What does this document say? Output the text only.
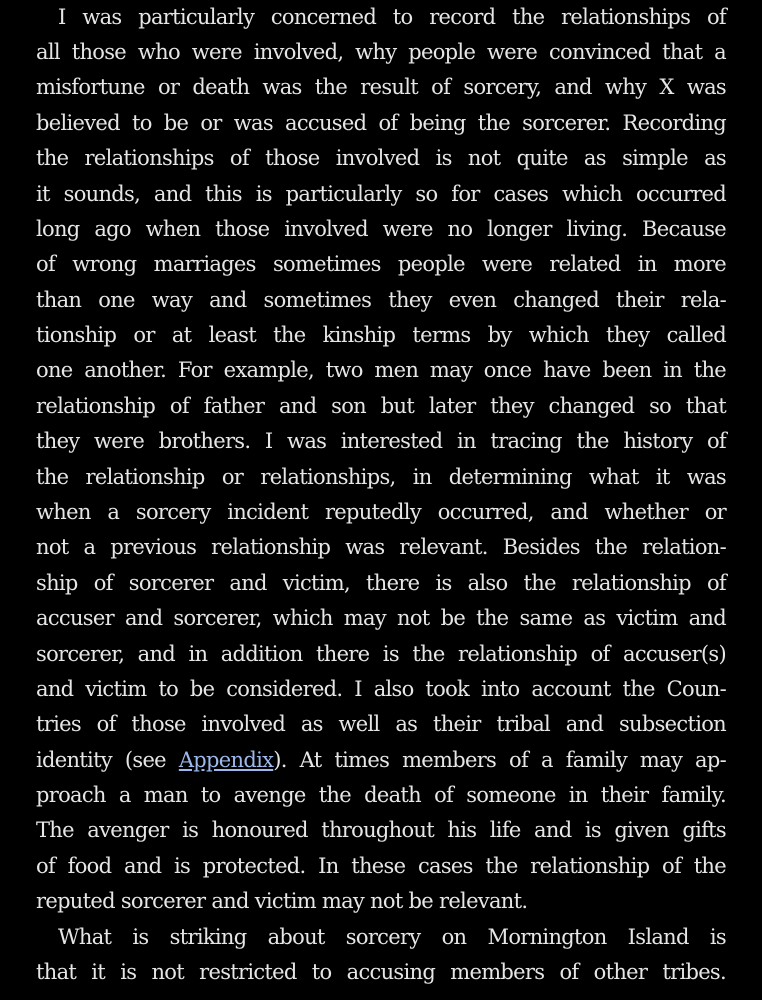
I was particularly concerned to record the relationships of
all those who were involved, why people were convinced that a
misfortune or death was the result of sorcery, and why X was
believed to be or was accused of being the sorcerer. Recording
the relationships of those involved is not quite as simple as
it sounds, and this is particularly so for cases which occurred
long ago when those involved were no longer living. Because
of wrong marriages sometimes people were related in more
than one way and sometimes they even changed their rela-
tionship or at least the kinship terms by which they called
one another. For example, two men may once have been in the
relationship of father and son but later they changed so that
they were brothers. I was interested in tracing the history of
the relationship or relationships, in determining what it was
when a sorcery incident reputedly occurred, and whether or
not a previous relationship was relevant. Besides the relation-
ship of sorcerer and victim, there is also the relationship of
accuser and sorcerer, which may not be the same as victim and
sorcerer, and in addition there is the relationship of accuser(s)
and victim to be considered. I also took into account the Coun-
tries of those involved as well as their tribal and subsection
identity (see Appendix). At times members of a family may ap-
proach a man to avenge the death of someone in their family.
The avenger is honoured throughout his life and is given gifts
of food and is protected. In these cases the relationship of the
reputed sorcerer and victim may not be relevant.
What is striking about sorcery on Mornington Island is
that it is not restricted to accusing members of other tribes.
